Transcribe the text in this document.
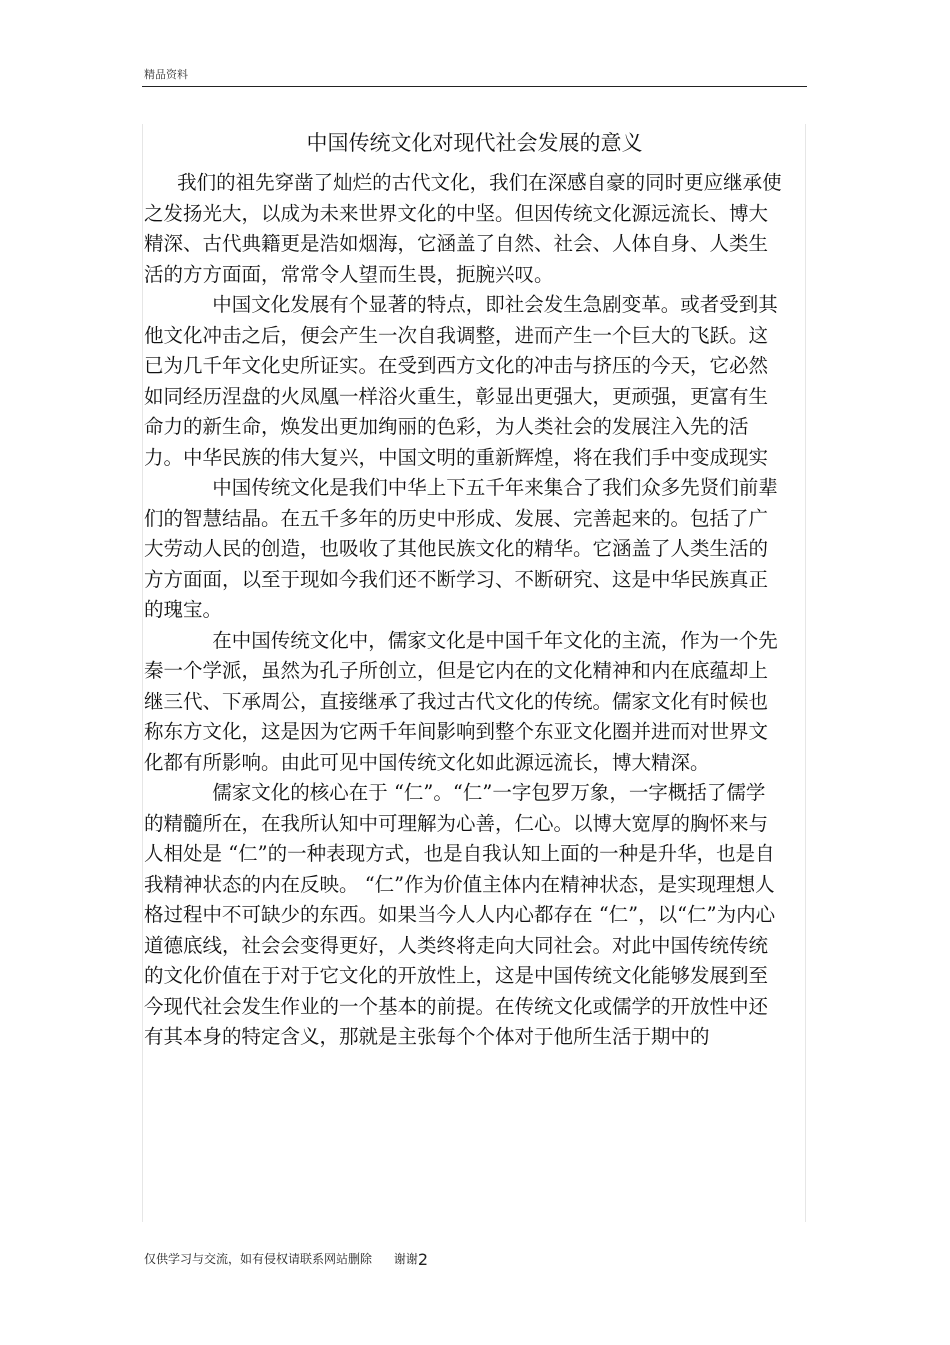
精品资料
中国传统文化对现代社会发展的意义

我们的祖先穿凿了灿烂的古代文化，我们在深感自豪的同时更应继承使之发扬光大，以成为未来世界文化的中坚。但因传统文化源远流长、博大精深、古代典籍更是浩如烟海，它涵盖了自然、社会、人体自身、人类生活的方方面面，常常令人望而生畏，扼腕兴叹。

中国文化发展有个显著的特点，即社会发生急剧变革。或者受到其他文化冲击之后，便会产生一次自我调整，进而产生一个巨大的飞跃。这已为几千年文化史所证实。在受到西方文化的冲击与挤压的今天，它必然如同经历涅盘的火凤凰一样浴火重生，彰显出更强大，更顽强，更富有生命力的新生命，焕发出更加绚丽的色彩，为人类社会的发展注入先的活力。中华民族的伟大复兴，中国文明的重新辉煌，将在我们手中变成现实

中国传统文化是我们中华上下五千年来集合了我们众多先贤们前辈们的智慧结晶。在五千多年的历史中形成、发展、完善起来的。包括了广大劳动人民的创造，也吸收了其他民族文化的精华。它涵盖了人类生活的方方面面，以至于现如今我们还不断学习、不断研究、这是中华民族真正的瑰宝。

在中国传统文化中，儒家文化是中国千年文化的主流，作为一个先秦一个学派，虽然为孔子所创立，但是它内在的文化精神和内在底蕴却上继三代、下承周公，直接继承了我过古代文化的传统。儒家文化有时候也称东方文化，这是因为它两千年间影响到整个东亚文化圈并进而对世界文化都有所影响。由此可见中国传统文化如此源远流长，博大精深。

儒家文化的核心在于 “仁”。“仁”一字包罗万象，一字概括了儒学的精髓所在，在我所认知中可理解为心善，仁心。以博大宽厚的胸怀来与人相处是 “仁”的一种表现方式，也是自我认知上面的一种是升华，也是自我精神状态的内在反映。 “仁”作为价值主体内在精神状态，是实现理想人格过程中不可缺少的东西。如果当今人人内心都存在 “仁”，以“仁”为内心道德底线，社会会变得更好，人类终将走向大同社会。对此中国传统传统的文化价值在于对于它文化的开放性上，这是中国传统文化能够发展到至今现代社会发生作业的一个基本的前提。在传统文化或儒学的开放性中还有其本身的特定含义，那就是主张每个个体对于他所生活于期中的

仅供学习与交流，如有侵权请联系网站删除 谢谢2
